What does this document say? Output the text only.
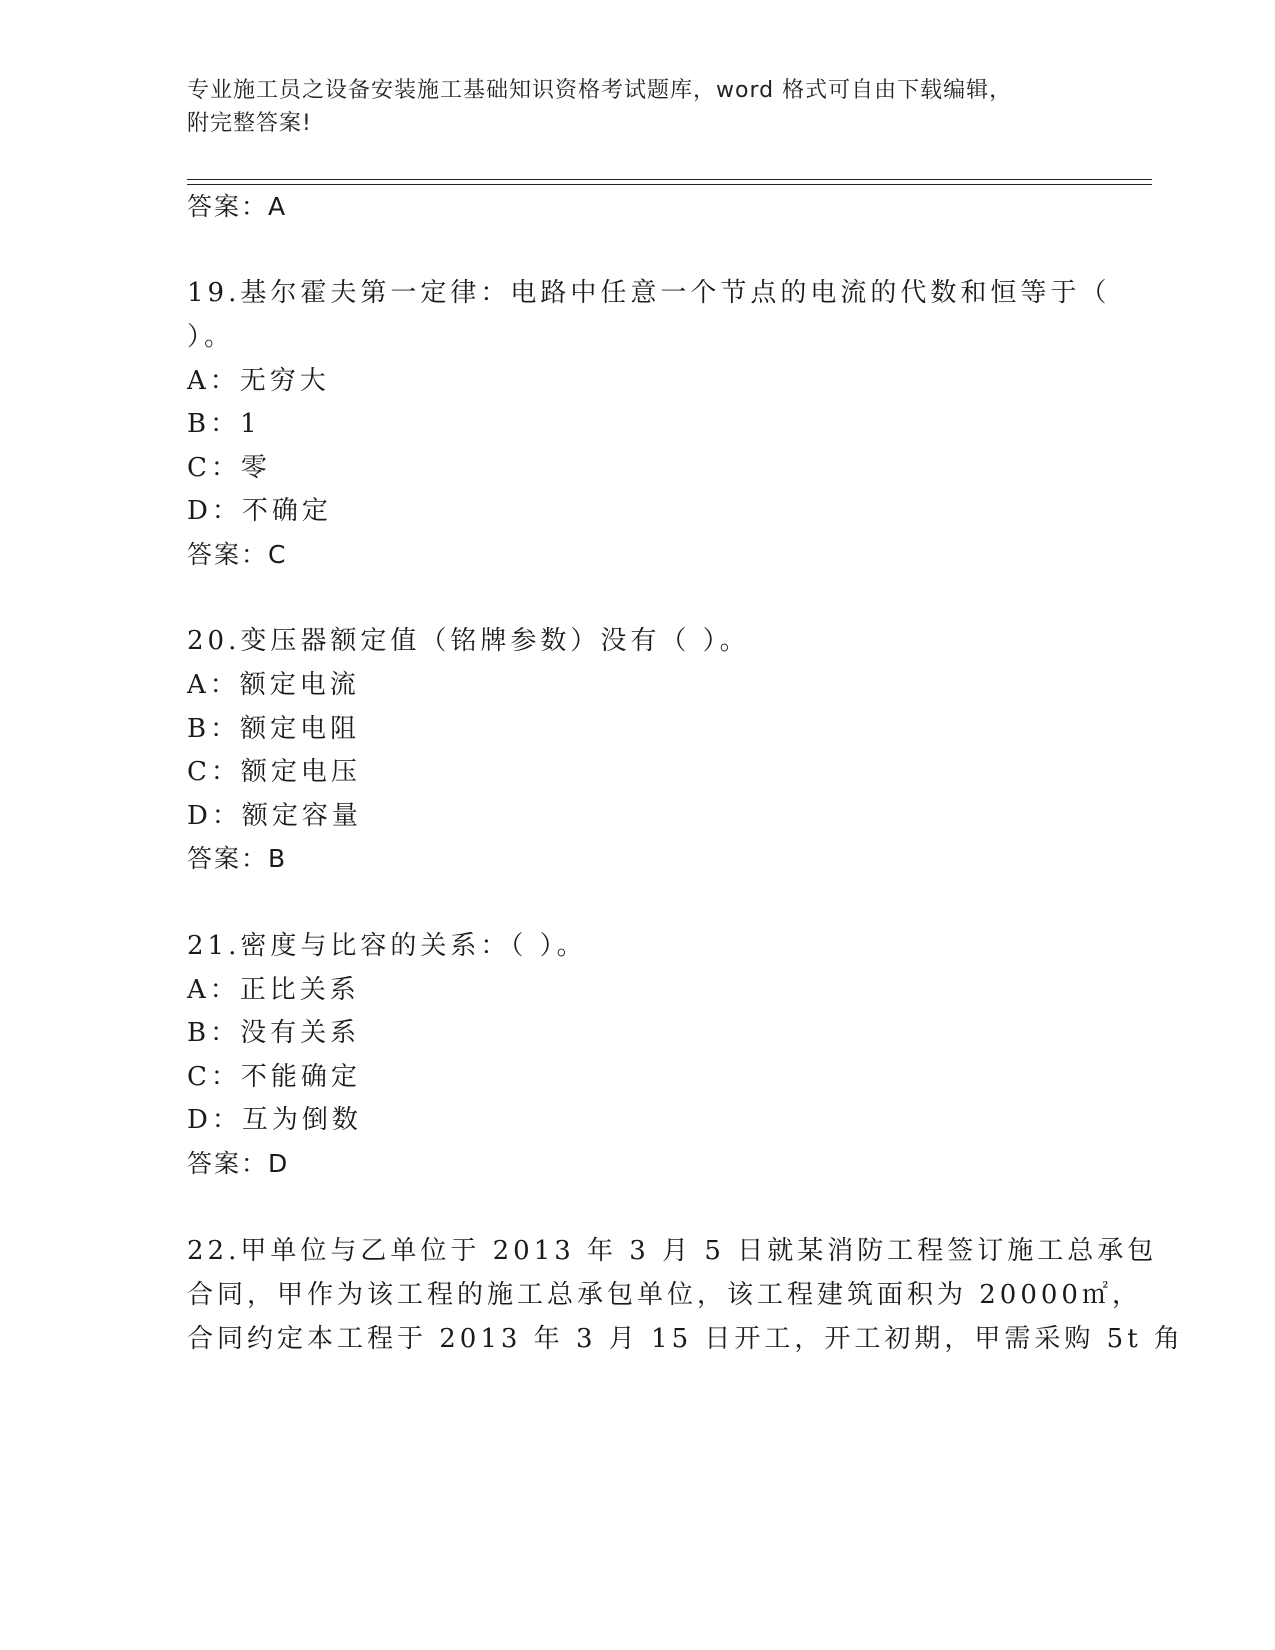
专业施工员之设备安装施工基础知识资格考试题库，word 格式可自由下载编辑，
附完整答案!
答案：A
19.基尔霍夫第一定律：电路中任意一个节点的电流的代数和恒等于（
）。
A：无穷大
B：1
C：零
D：不确定
答案：C
20.变压器额定值（铭牌参数）没有（ ）。
A：额定电流
B：额定电阻
C：额定电压
D：额定容量
答案：B
21.密度与比容的关系：（ ）。
A：正比关系
B：没有关系
C：不能确定
D：互为倒数
答案：D
22.甲单位与乙单位于 2013 年 3 月 5 日就某消防工程签订施工总承包
合同，甲作为该工程的施工总承包单位，该工程建筑面积为 20000㎡，
合同约定本工程于 2013 年 3 月 15 日开工，开工初期，甲需采购 5t 角
